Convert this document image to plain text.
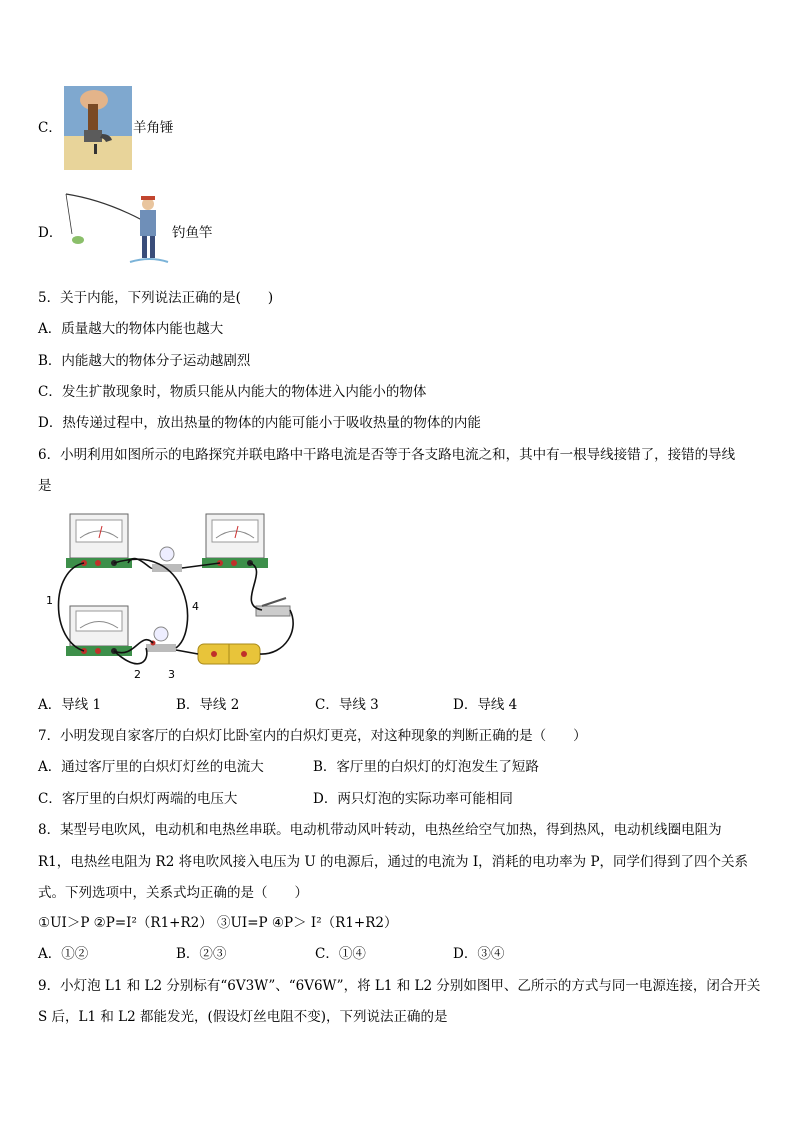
C．	羊角锤
D．	钓鱼竿
5．关于内能，下列说法正确的是(　　)
A．质量越大的物体内能也越大
B．内能越大的物体分子运动越剧烈
C．发生扩散现象时，物质只能从内能大的物体进入内能小的物体
D．热传递过程中，放出热量的物体的内能可能小于吸收热量的物体的内能
6．小明利用如图所示的电路探究并联电路中干路电流是否等于各支路电流之和，其中有一根导线接错了，接错的导线
是
1	4
2 3
A．导线 1	B．导线 2	C．导线 3	D．导线 4
7．小明发现自家客厅的白炽灯比卧室内的白炽灯更亮，对这种现象的判断正确的是（　　）
A．通过客厅里的白炽灯灯丝的电流大	B．客厅里的白炽灯的灯泡发生了短路
C．客厅里的白炽灯两端的电压大	D．两只灯泡的实际功率可能相同
8．某型号电吹风，电动机和电热丝串联。电动机带动风叶转动，电热丝给空气加热，得到热风，电动机线圈电阻为
R1，电热丝电阻为 R2 将电吹风接入电压为 U 的电源后，通过的电流为 I，消耗的电功率为 P，同学们得到了四个关系
式。下列选项中，关系式均正确的是（　　）
①UI＞P ②P=I²（R1+R2） ③UI=P ④P＞ I²（R1+R2）
A．①②	B．②③	C．①④	D．③④
9．小灯泡 L1 和 L2 分别标有“6V3W”、“6V6W”，将 L1 和 L2 分别如图甲、乙所示的方式与同一电源连接，闭合开关
S 后，L1 和 L2 都能发光，(假设灯丝电阻不变)，下列说法正确的是
